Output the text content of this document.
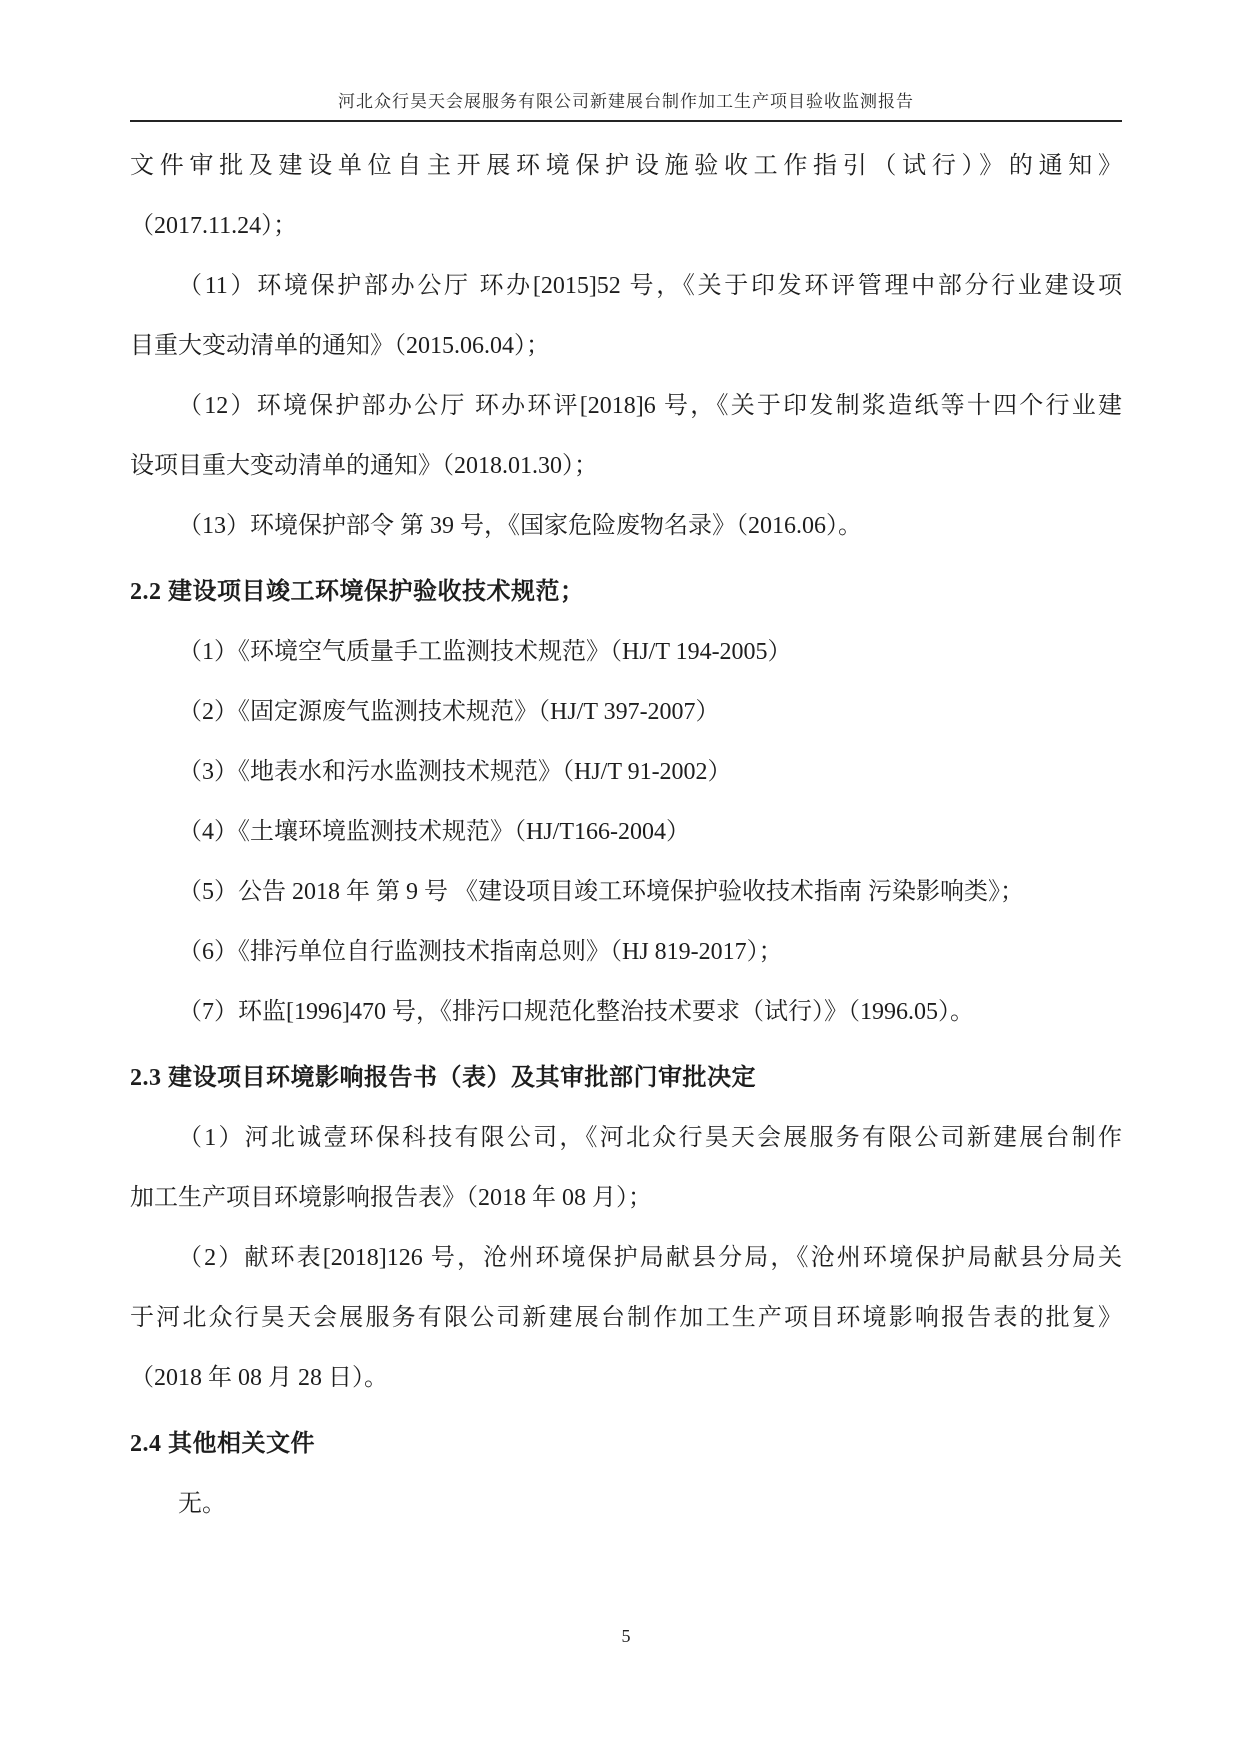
河北众行昊天会展服务有限公司新建展台制作加工生产项目验收监测报告
文件审批及建设单位自主开展环境保护设施验收工作指引（试行）》的通知》
（2017.11.24）；
（11）环境保护部办公厅 环办[2015]52 号，《关于印发环评管理中部分行业建设项
目重大变动清单的通知》（2015.06.04）；
（12）环境保护部办公厅 环办环评[2018]6 号，《关于印发制浆造纸等十四个行业建
设项目重大变动清单的通知》（2018.01.30）；
（13）环境保护部令 第 39 号，《国家危险废物名录》（2016.06）。
2.2 建设项目竣工环境保护验收技术规范；
（1）《环境空气质量手工监测技术规范》（HJ/T 194-2005）
（2）《固定源废气监测技术规范》（HJ/T 397-2007）
（3）《地表水和污水监测技术规范》（HJ/T 91-2002）
（4）《土壤环境监测技术规范》（HJ/T166-2004）
（5）公告 2018 年 第 9 号 《建设项目竣工环境保护验收技术指南 污染影响类》；
（6）《排污单位自行监测技术指南总则》（HJ 819-2017）；
（7）环监[1996]470 号，《排污口规范化整治技术要求（试行）》（1996.05）。
2.3 建设项目环境影响报告书（表）及其审批部门审批决定
（1）河北诚壹环保科技有限公司，《河北众行昊天会展服务有限公司新建展台制作
加工生产项目环境影响报告表》（2018 年 08 月）；
（2）献环表[2018]126 号，沧州环境保护局献县分局，《沧州环境保护局献县分局关
于河北众行昊天会展服务有限公司新建展台制作加工生产项目环境影响报告表的批复》
（2018 年 08 月 28 日）。
2.4 其他相关文件
无。
5
